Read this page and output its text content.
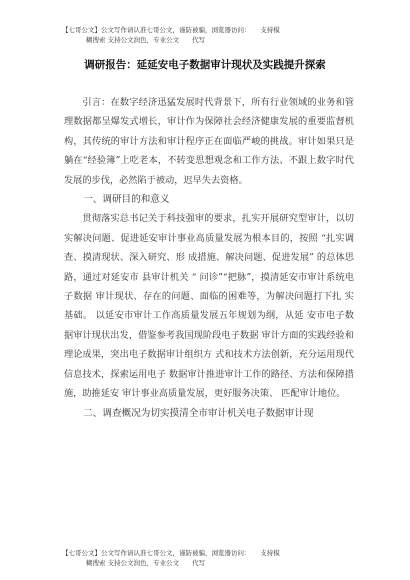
【七哥公文】公文写作请认准七哥公文，谨防被骗，浏览器访问：　　支持模
糊搜索 支持公文润色，专业公文　　代写
调研报告：延延安电子数据审计现状及实践提升探索

引言：在数字经济迅猛发展时代背景下，所有行业领域的业务和管理数据都呈爆发式增长，审计作为保障社会经济健康发展的重要监督机构，其传统的审计方法和审计程序正在面临严峻的挑战。审计如果只是躺在“经验簿”上吃老本，不转变思想观念和工作方法、不跟上数字时代发展的步伐，必然陷于被动，迟早失去资格。

一、调研目的和意义

贯彻落实总书记关于科技强审的要求，扎实开展研究型审计，以切实解决问题、促进延安审计事业高质量发展为根本目的，按照 “扎实调查、摸清现状、深入研究、形 成措施、解决问题、促进发展” 的总体思路，通过对延安市 县审计机关 “ 问诊”“把脉”，摸清延安市审计系统电子数据 审计现状、存在的问题、面临的困难等，为解决问题打下扎 实基础。 以延安市审计工作高质量发展五年规划为纲，从延 安市电子数据审计现状出发，借鉴参考我国现阶段电子数据 审计方面的实践经验和理论成果，突出电子数据审计组织方 式和技术方法创新，充分运用现代信息技术，探索运用电子 数据审计推进审计工作的路径、方法和保障措施，助推延安 审计事业高质量发展，更好服务决策、 匹配审计地位。

二、调查概况为切实摸清全市审计机关电子数据审计现
【七哥公文】公文写作请认准七哥公文，谨防被骗，浏览器访问：　　支持模
糊搜索 支持公文润色，专业公文　　代写
